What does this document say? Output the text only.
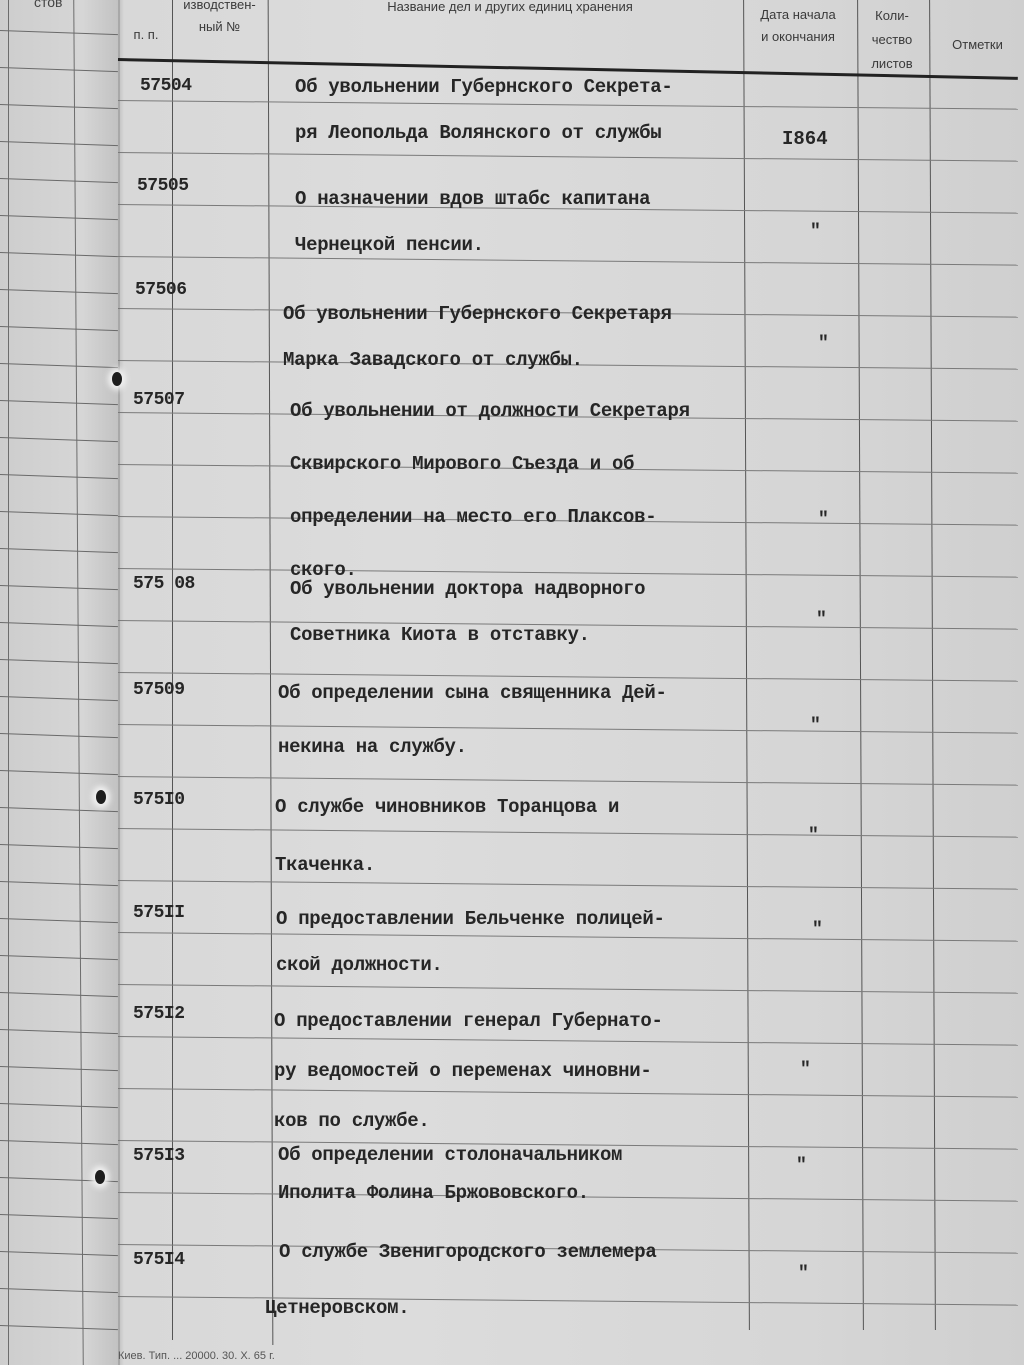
стов
п. п.
изводствен-
ный №
Название дел и других единиц хранения
Дата начала
и окончания
Коли-
чество
листов
Отметки
57504	Об увольнении Губернского Секрета-
ря Леопольда Волянского от службы	I864
57505
О назначении вдов штабс капитана
Чернецкой пенсии.
"
57506
Об увольнении Губернского Секретаря
Марка Завадского от службы.
"
57507	Об увольнении от должности Секретаря
Сквирского Мирового Съезда и об
определении на место его Плаксов-
ского.
"
575 08	Об увольнении доктора надворного
Советника Киота в отставку.
"
57509	Об определении сына священника Дей-
некина на службу.
"
575I0	О службе чиновников Торанцова и
Ткаченка.
"
575II	О предоставлении Бельченке полицей-
ской должности.
"
575I2	О предоставлении генерал Губернато-
ру ведомостей о переменах чиновни-
ков по службе.
"
575I3	Об определении столоначальником
Иполита Фолина Бржововского.
"
575I4	О службе Звенигородского землемера
Цетнеровском.
"
Киев. Тип. ... 20000. 30. X. 65 г.
